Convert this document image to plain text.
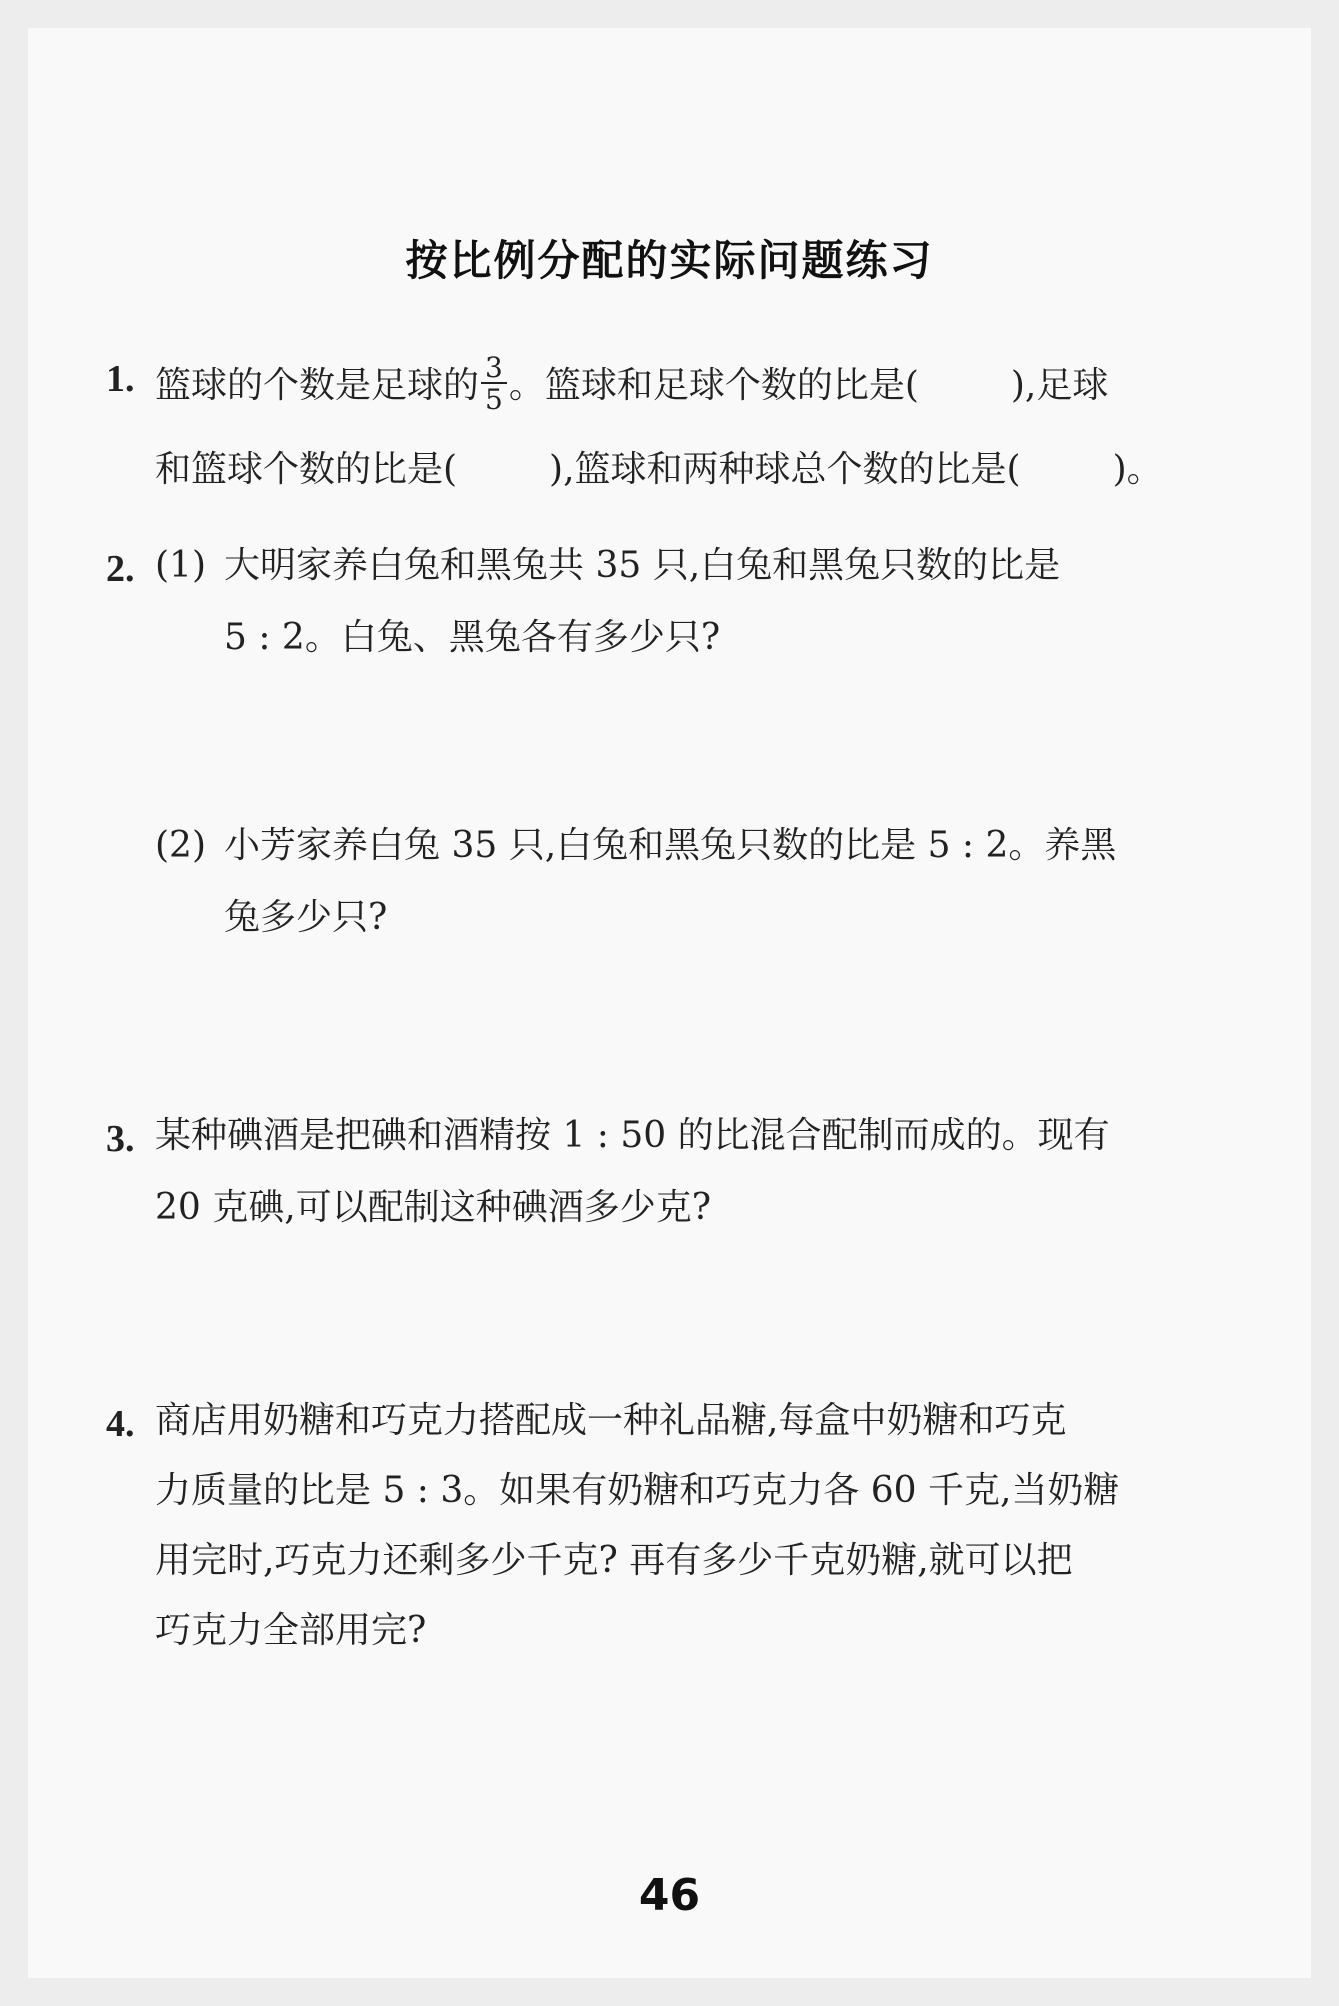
按比例分配的实际问题练习
1. 篮球的个数是足球的 $\frac{3}{5}$ 。篮球和足球个数的比是(	),足球
和篮球个数的比是(	),篮球和两种球总个数的比是(	)。
2. (1) 大明家养白兔和黑兔共 35 只,白兔和黑兔只数的比是
5 : 2。白兔、黑兔各有多少只?
(2) 小芳家养白兔 35 只,白兔和黑兔只数的比是 5 : 2。养黑
兔多少只?
3. 某种碘酒是把碘和酒精按 1 : 50 的比混合配制而成的。现有
20 克碘,可以配制这种碘酒多少克?
4. 商店用奶糖和巧克力搭配成一种礼品糖,每盒中奶糖和巧克
力质量的比是 5 : 3。如果有奶糖和巧克力各 60 千克,当奶糖
用完时,巧克力还剩多少千克? 再有多少千克奶糖,就可以把
巧克力全部用完?
46
